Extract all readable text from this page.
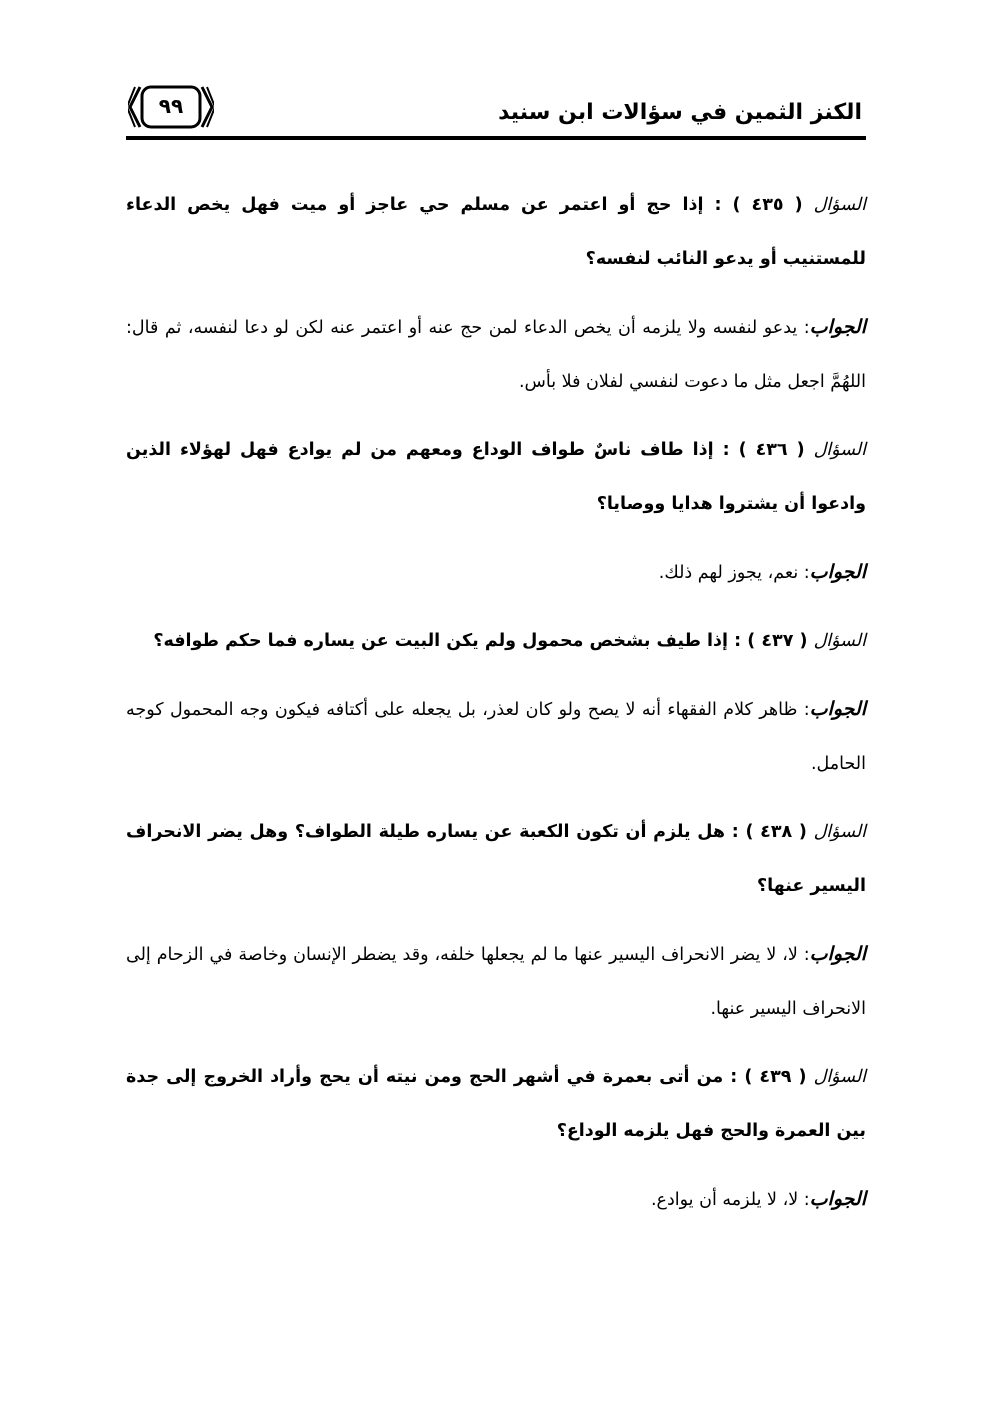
الكنز الثمين في سؤالات ابن سنيد
٩٩

السؤال ( ٤٣٥ ) : إذا حج أو اعتمر عن مسلم حي عاجز أو ميت فهل يخص الدعاء للمستنيب أو يدعو النائب لنفسه؟

الجواب: يدعو لنفسه ولا يلزمه أن يخص الدعاء لمن حج عنه أو اعتمر عنه لكن لو دعا لنفسه، ثم قال: اللهُمَّ اجعل مثل ما دعوت لنفسي لفلان فلا بأس.

السؤال ( ٤٣٦ ) : إذا طاف ناسٌ طواف الوداع ومعهم من لم يوادع فهل لهؤلاء الذين وادعوا أن يشتروا هدايا ووصايا؟

الجواب: نعم، يجوز لهم ذلك.

السؤال ( ٤٣٧ ) : إذا طيف بشخص محمول ولم يكن البيت عن يساره فما حكم طوافه؟

الجواب: ظاهر كلام الفقهاء أنه لا يصح ولو كان لعذر، بل يجعله على أكتافه فيكون وجه المحمول كوجه الحامل.

السؤال ( ٤٣٨ ) : هل يلزم أن تكون الكعبة عن يساره طيلة الطواف؟ وهل يضر الانحراف اليسير عنها؟

الجواب: لا، لا يضر الانحراف اليسير عنها ما لم يجعلها خلفه، وقد يضطر الإنسان وخاصة في الزحام إلى الانحراف اليسير عنها.

السؤال ( ٤٣٩ ) : من أتى بعمرة في أشهر الحج ومن نيته أن يحج وأراد الخروج إلى جدة بين العمرة والحج فهل يلزمه الوداع؟

الجواب: لا، لا يلزمه أن يوادع.
